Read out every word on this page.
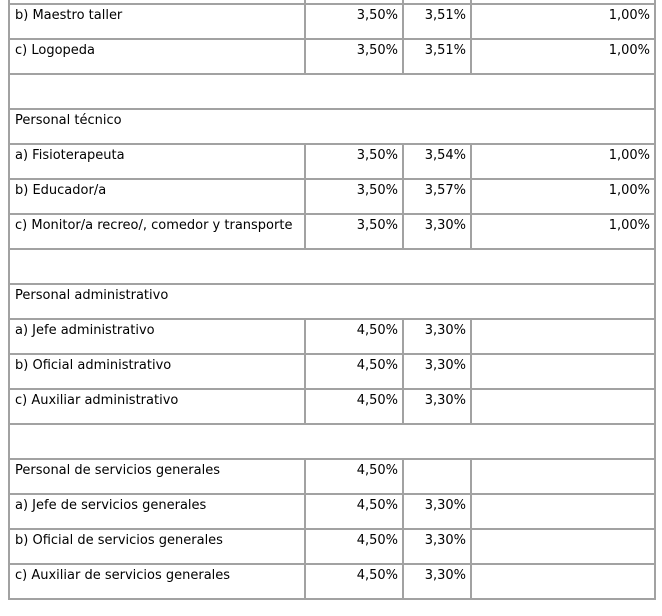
b) Maestro taller	3,50%	3,51%	1,00%
c) Logopeda	3,50%	3,51%	1,00%

Personal técnico			
a) Fisioterapeuta	3,50%	3,54%	1,00%
b) Educador/a	3,50%	3,57%	1,00%
c) Monitor/a recreo/, comedor y transporte	3,50%	3,30%	1,00%

Personal administrativo			
a) Jefe administrativo	4,50%	3,30%	
b) Oficial administrativo	4,50%	3,30%	
c) Auxiliar administrativo	4,50%	3,30%	

Personal de servicios generales	4,50%		
a) Jefe de servicios generales	4,50%	3,30%	
b) Oficial de servicios generales	4,50%	3,30%	
c) Auxiliar de servicios generales	4,50%	3,30%	
